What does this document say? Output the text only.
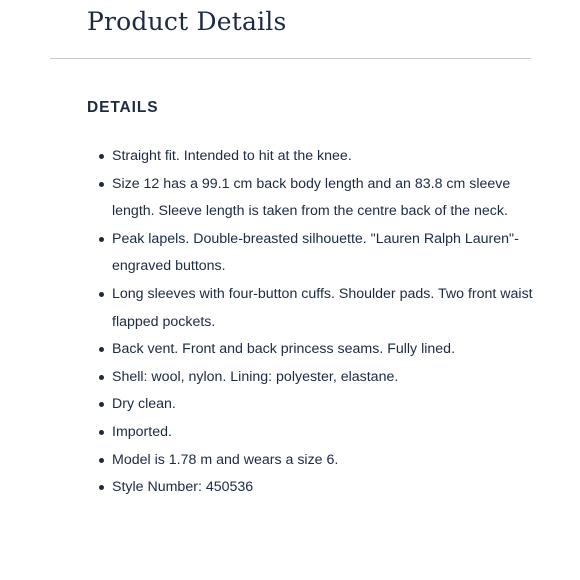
Product Details
DETAILS
Straight fit. Intended to hit at the knee.
Size 12 has a 99.1 cm back body length and an 83.8 cm sleeve length. Sleeve length is taken from the centre back of the neck.
Peak lapels. Double-breasted silhouette. "Lauren Ralph Lauren"-engraved buttons.
Long sleeves with four-button cuffs. Shoulder pads. Two front waist flapped pockets.
Back vent. Front and back princess seams. Fully lined.
Shell: wool, nylon. Lining: polyester, elastane.
Dry clean.
Imported.
Model is 1.78 m and wears a size 6.
Style Number: 450536
